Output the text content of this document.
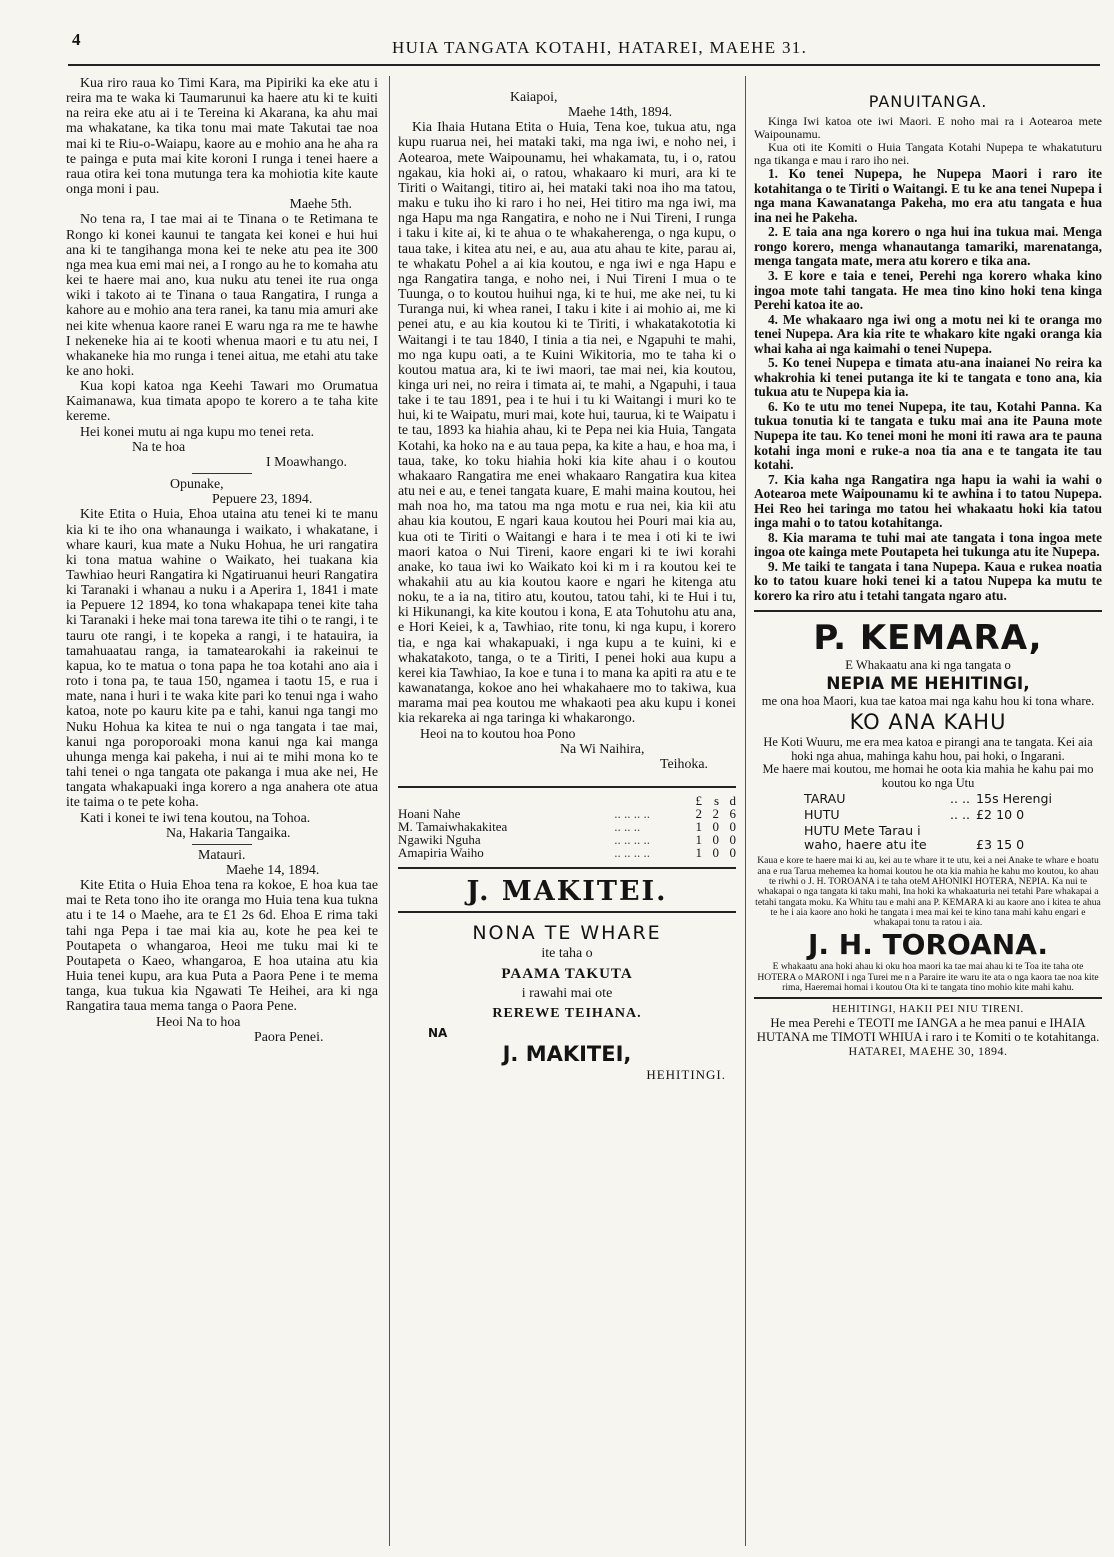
4	HUIA TANGATA KOTAHI, HATAREI, MAEHE 31.

Kua riro raua ko Timi Kara, ma Pipiriki ka eke atu i reira ma te waka ki Taumarunui ka haere atu ki te kuiti na reira eke atu ai i te Tereina ki Akarana, ka ahu mai ma whakatane, ka tika tonu mai mate Takutai tae noa mai ki te Riu-o-Waiapu, kaore au e mohio ana he aha ra te painga e puta mai kite koroni I runga i tenei haere a raua otira kei tona mutunga tera ka mohiotia kite kaute onga moni i pau.

Maehe 5th.

No tena ra, I tae mai ai te Tinana o te Retimana te Rongo ki konei kaunui te tangata kei konei e hui hui ana ki te tangihanga mona kei te neke atu pea ite 300 nga mea kua emi mai nei, a I rongo au he to komaha atu kei te haere mai ano, kua nuku atu tenei ite rua onga wiki i takoto ai te Tinana o taua Rangatira, I runga a kahore au e mohio ana tera ranei, ka tanu mia amuri ake nei kite whenua kaore ranei E waru nga ra me te hawhe I nekeneke hia ai te kooti whenua maori e tu atu nei, I whakaneke hia mo runga i tenei aitua, me etahi atu take ke ano hoki.

Kua kopi katoa nga Keehi Tawari mo Orumatua Kaimanawa, kua timata apopo te korero a te taha kite kereme.

Hei konei mutu ai nga kupu mo tenei reta.

Na te hoa

I Moawhango.

Opunake,

Pepuere 23, 1894.

Kite Etita o Huia, Ehoa utaina atu tenei ki te manu kia ki te iho ona whanaunga i waikato, i whakatane, i whare kauri, kua mate a Nuku Hohua, he uri rangatira ki tona matua wahine o Waikato, hei tuakana kia Tawhiao heuri Rangatira ki Ngatiruanui heuri Rangatira ki Taranaki i whanau a nuku i a Aperira 1, 1841 i mate ia Pepuere 12 1894, ko tona whakapapa tenei kite taha ki Taranaki i heke mai tona tarewa ite tihi o te rangi, i te tauru ote rangi, i te kopeka a rangi, i te hatauira, ia tamahuaatau ranga, ia tamatearokahi ia rakeinui te kapua, ko te matua o tona papa he toa kotahi ano aia i roto i tona pa, te taua 150, ngamea i taotu 15, e rua i mate, nana i huri i te waka kite pari ko tenui nga i waho katoa, note po kauru kite pa e tahi, kanui nga tangi mo Nuku Hohua ka kitea te nui o nga tangata i tae mai, kanui nga poroporoaki mona kanui nga kai manga uhunga menga kai pakeha, i nui ai te mihi mona ko te tahi tenei o nga tangata ote pakanga i mua ake nei, He tangata whakapuaki inga korero a nga anahera ote atua ite taima o te pete koha.

Kati i konei te iwi tena koutou, na Tohoa.

Na, Hakaria Tangaika.

Matauri.

Maehe 14, 1894.

Kite Etita o Huia Ehoa tena ra kokoe, E hoa kua tae mai te Reta tono iho ite oranga mo Huia tena kua tukna atu i te 14 o Maehe, ara te £1 2s 6d. Ehoa E rima taki tahi nga Pepa i tae mai kia au, kote he pea kei te Poutapeta o whangaroa, Heoi me tuku mai ki te Poutapeta o Kaeo, whangaroa, E hoa utaina atu kia Huia tenei kupu, ara kua Puta a Paora Pene i te mema tanga, kua tukua kia Ngawati Te Heihei, ara ki nga Rangatira taua mema tanga o Paora Pene.

Heoi Na to hoa

Paora Penei.

Kaiapoi,

Maehe 14th, 1894.

Kia Ihaia Hutana Etita o Huia, Tena koe, tukua atu, nga kupu ruarua nei, hei mataki taki, ma nga iwi, e noho nei, i Aotearoa, mete Waipounamu, hei whakamata, tu, i o, ratou ngakau, kia hoki ai, o ratou, whakaaro ki muri, ara ki te Tiriti o Waitangi, titiro ai, hei mataki taki noa iho ma tatou, maku e tuku iho ki raro i ho nei, Hei titiro ma nga iwi, ma nga Hapu ma nga Rangatira, e noho ne i Nui Tireni, I runga i taku i kite ai, ki te ahua o te whakaherenga, o nga kupu, o taua take, i kitea atu nei, e au, aua atu ahau te kite, parau ai, te whakatu Pohel a ai kia koutou, e nga iwi e nga Hapu e nga Rangatira tanga, e noho nei, i Nui Tireni I mua o te Tuunga, o to koutou huihui nga, ki te hui, me ake nei, tu ki Turanga nui, ki whea ranei, I taku i kite i ai mohio ai, me ki penei atu, e au kia koutou ki te Tiriti, i whakatakototia ki Waitangi i te tau 1840, I tinia a tia nei, e Ngapuhi te mahi, mo nga kupu oati, a te Kuini Wikitoria, mo te taha ki o koutou matua ara, ki te iwi maori, tae mai nei, kia koutou, kinga uri nei, no reira i timata ai, te mahi, a Ngapuhi, i taua take i te tau 1891, pea i te hui i tu ki Waitangi i muri ko te hui, ki te Waipatu, muri mai, kote hui, taurua, ki te Waipatu i te tau, 1893 ka hiahia ahau, ki te Pepa nei kia Huia, Tangata Kotahi, ka hoko na e au taua pepa, ka kite a hau, e hoa ma, i taua, take, ko toku hiahia hoki kia kite ahau i o koutou whakaaro Rangatira me enei whakaaro Rangatira kua kitea atu nei e au, e tenei tangata kuare, E mahi maina koutou, hei mah noa ho, ma tatou ma nga motu e rua nei, kia kii atu ahau kia koutou, E ngari kaua koutou hei Pouri mai kia au, kua oti te Tiriti o Waitangi e hara i te mea i oti ki te iwi maori katoa o Nui Tireni, kaore engari ki te iwi korahi anake, ko taua iwi ko Waikato koi ki m i ra koutou kei te whakahii atu au kia koutou kaore e ngari he kitenga atu noku, te a ia na, titiro atu, koutou, tatou tahi, ki te Hui i tu, ki Hikunangi, ka kite koutou i kona, E ata Tohutohu atu ana, e Hori Keiei, k a, Tawhiao, rite tonu, ki nga kupu, i korero tia, e nga kai whakapuaki, i nga kupu a te kuini, ki e whakatakoto, tanga, o te a Tiriti, I penei hoki aua kupu a kerei kia Tawhiao, Ia koe e tuna i to mana ka apiti ra atu e te kawanatanga, kokoe ano hei whakahaere mo to takiwa, kua marama mai pea koutou me whakaoti pea aku kupu i konei kia rekareka ai nga taringa ki whakarongo.

Heoi na to koutou hoa Pono

Na Wi Naihira,

Teihoka.

		£	s	d
Hoani Nahe	.. .. .. ..	2	2	6
M. Tamaiwhakakitea	.. .. ..	1	0	0
Ngawiki Nguha	.. .. .. ..	1	0	0
Amapiria Waiho	.. .. .. ..	1	0	0
J. MAKITEI.
NONA TE WHARE
ite taha o
PAAMA TAKUTA
i rawahi mai ote
REREWE TEIHANA.
NA
J. MAKITEI,
HEHITINGI.
PANUITANGA.

Kinga Iwi katoa ote iwi Maori. E noho mai ra i Aotearoa mete Waipounamu.

Kua oti ite Komiti o Huia Tangata Kotahi Nupepa te whakatuturu nga tikanga e mau i raro iho nei.

1. Ko tenei Nupepa, he Nupepa Maori i raro ite kotahitanga o te Tiriti o Waitangi. E tu ke ana tenei Nupepa i nga mana Kawanatanga Pakeha, mo era atu tangata e hua ina nei he Pakeha.

2. E taia ana nga korero o nga hui ina tukua mai. Menga rongo korero, menga whanautanga tamariki, marenatanga, menga tangata mate, mera atu korero e tika ana.

3. E kore e taia e tenei, Perehi nga korero whaka kino ingoa mote tahi tangata. He mea tino kino hoki tena kinga Perehi katoa ite ao.

4. Me whakaaro nga iwi ong a motu nei ki te oranga mo tenei Nupepa. Ara kia rite te whakaro kite ngaki oranga kia whai kaha ai nga kaimahi o tenei Nupepa.

5. Ko tenei Nupepa e timata atu-ana inaianei No reira ka whakrohia ki tenei putanga ite ki te tangata e tono ana, kia tukua atu te Nupepa kia ia.

6. Ko te utu mo tenei Nupepa, ite tau, Kotahi Panna. Ka tukua tonutia ki te tangata e tuku mai ana ite Pauna mote Nupepa ite tau. Ko tenei moni he moni iti rawa ara te pauna kotahi inga moni e ruke-a noa tia ana e te tangata ite tau kotahi.

7. Kia kaha nga Rangatira nga hapu ia wahi ia wahi o Aotearoa mete Waipounamu ki te awhina i to tatou Nupepa. Hei Reo hei taringa mo tatou hei whakaatu hoki kia tatou inga mahi o to tatou kotahitanga.

8. Kia marama te tuhi mai ate tangata i tona ingoa mete ingoa ote kainga mete Poutapeta hei tukunga atu ite Nupepa.

9. Me taiki te tangata i tana Nupepa. Kaua e rukea noatia ko to tatou kuare hoki tenei ki a tatou Nupepa ka mutu te korero ka riro atu i tetahi tangata ngaro atu.

P. KEMARA,
E Whakaatu ana ki nga tangata o
NEPIA ME HEHITINGI,
me ona hoa Maori, kua tae katoa mai nga kahu hou ki tona whare.
KO ANA KAHU
He Koti Wuuru, me era mea katoa e pirangi ana te tangata. Kei aia hoki nga ahua, mahinga kahu hou, pai hoki, o Ingarani.
Me haere mai koutou, me homai he oota kia mahia he kahu pai mo koutou ko nga Utu
TARAU	.. ..	15s Herengi
HUTU	.. ..	£2 10 0
HUTU Mete Tarau i waho, haere atu ite		£3 15 0
Kaua e kore te haere mai ki au, kei au te whare it te utu, kei a nei Anake te whare e hoatu ana e rua Tarua mehemea ka homai koutou he ota kia mahia he kahu mo koutou, ko ahau te riwhi o J. H. TOROANA i te taha oteM AHONIKI HOTERA, NEPIA. Ka nui te whakapai o nga tangata ki taku mahi, Ina hoki ka whakaaturia nei tetahi Pare whakapai a tetahi tangata moku. Ka Whitu tau e mahi ana P. KEMARA ki au kaore ano i kitea te ahua te he i aia kaore ano hoki he tangata i mea mai kei te kino tana mahi kahu engari e whakapai tonu ta ratou i aia.
J. H. TOROANA.
E whakaatu ana hoki ahau ki oku hoa maori ka tae mai ahau ki te Toa ite taha ote HOTERA o MARONI i nga Turei me n a Paraire ite waru ite ata o nga kaora tae noa kite rima, Haeremai homai i koutou Ota ki te tangata tino mohio kite mahi kahu.
HEHITINGI, HAKII PEI NIU TIRENI.
He mea Perehi e TEOTI me IANGA a he mea panui e IHAIA HUTANA me TIMOTI WHIUA i raro i te Komiti o te kotahitanga.
HATAREI, MAEHE 30, 1894.
